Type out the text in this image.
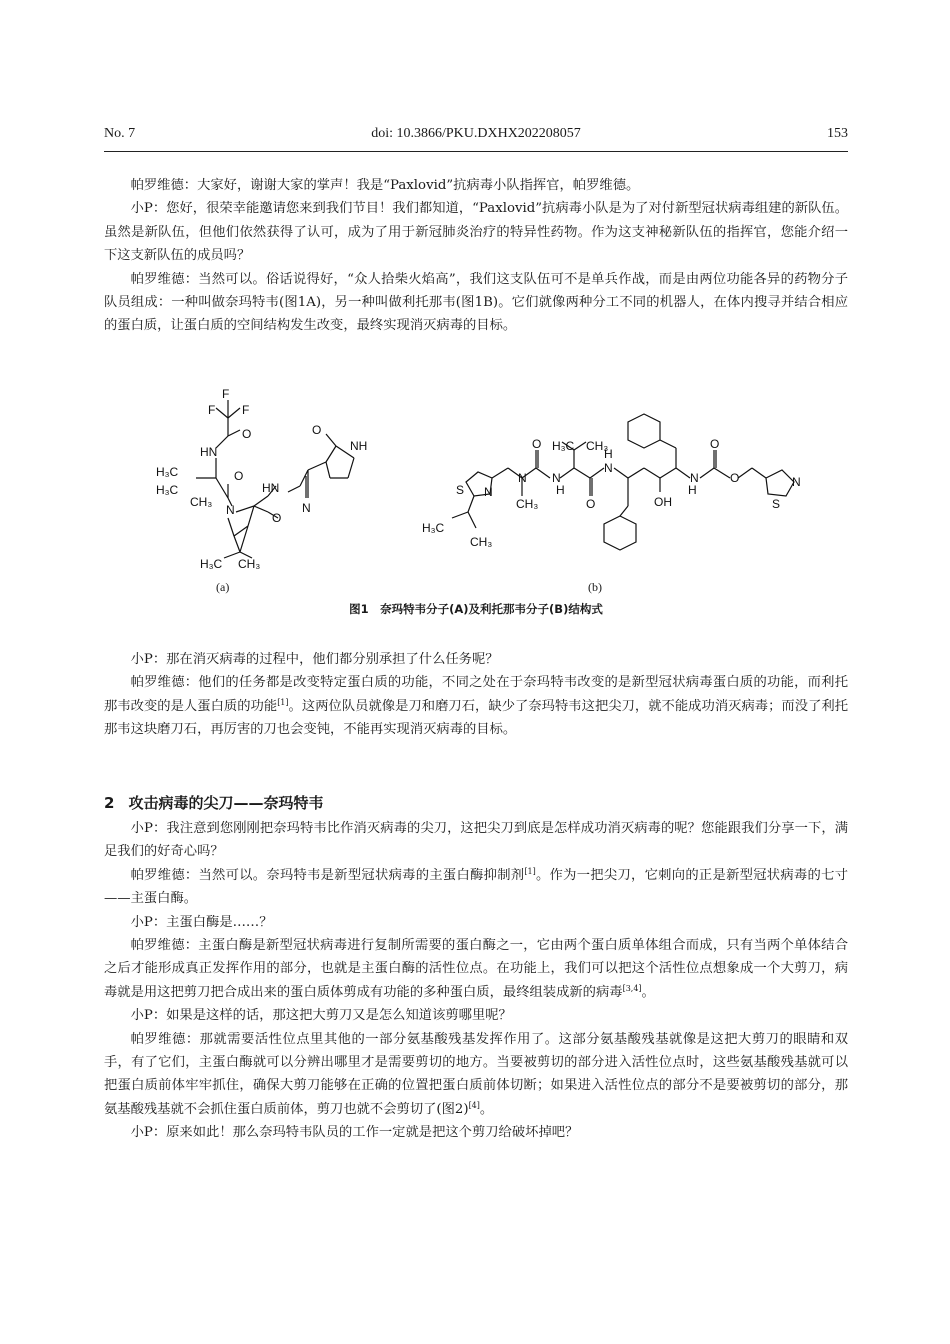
No. 7	doi: 10.3866/PKU.DXHX202208057	153

帕罗维德：大家好，谢谢大家的掌声！我是“Paxlovid”抗病毒小队指挥官，帕罗维德。

小P：您好，很荣幸能邀请您来到我们节目！我们都知道，“Paxlovid”抗病毒小队是为了对付新型冠状病毒组建的新队伍。虽然是新队伍，但他们依然获得了认可，成为了用于新冠肺炎治疗的特异性药物。作为这支神秘新队伍的指挥官，您能介绍一下这支新队伍的成员吗？

帕罗维德：当然可以。俗话说得好，“众人拾柴火焰高”，我们这支队伍可不是单兵作战，而是由两位功能各异的药物分子队员组成：一种叫做奈玛特韦(图1A)，另一种叫做利托那韦(图1B)。它们就像两种分工不同的机器人，在体内搜寻并结合相应的蛋白质，让蛋白质的空间结构发生改变，最终实现消灭病毒的目标。

F
F F
HN
O
H₃C
H₃C
CH₃
N
O
HN
O
N
O
NH
H₃C CH₃
H₃C CH₃
S N
N N
H
O
CH₃
H₃C
CH₃
H
N
O	OH
H
N
O
O	N
S
(a)	(b)
图1　奈玛特韦分子(A)及利托那韦分子(B)结构式

小P：那在消灭病毒的过程中，他们都分别承担了什么任务呢？

帕罗维德：他们的任务都是改变特定蛋白质的功能，不同之处在于奈玛特韦改变的是新型冠状病毒蛋白质的功能，而利托那韦改变的是人蛋白质的功能[1]。这两位队员就像是刀和磨刀石，缺少了奈玛特韦这把尖刀，就不能成功消灭病毒；而没了利托那韦这块磨刀石，再厉害的刀也会变钝，不能再实现消灭病毒的目标。

2 攻击病毒的尖刀——奈玛特韦

小P：我注意到您刚刚把奈玛特韦比作消灭病毒的尖刀，这把尖刀到底是怎样成功消灭病毒的呢？您能跟我们分享一下，满足我们的好奇心吗？

帕罗维德：当然可以。奈玛特韦是新型冠状病毒的主蛋白酶抑制剂[1]。作为一把尖刀，它刺向的正是新型冠状病毒的七寸——主蛋白酶。

小P：主蛋白酶是……？

帕罗维德：主蛋白酶是新型冠状病毒进行复制所需要的蛋白酶之一，它由两个蛋白质单体组合而成，只有当两个单体结合之后才能形成真正发挥作用的部分，也就是主蛋白酶的活性位点。在功能上，我们可以把这个活性位点想象成一个大剪刀，病毒就是用这把剪刀把合成出来的蛋白质体剪成有功能的多种蛋白质，最终组装成新的病毒[3,4]。

小P：如果是这样的话，那这把大剪刀又是怎么知道该剪哪里呢？

帕罗维德：那就需要活性位点里其他的一部分氨基酸残基发挥作用了。这部分氨基酸残基就像是这把大剪刀的眼睛和双手，有了它们，主蛋白酶就可以分辨出哪里才是需要剪切的地方。当要被剪切的部分进入活性位点时，这些氨基酸残基就可以把蛋白质前体牢牢抓住，确保大剪刀能够在正确的位置把蛋白质前体切断；如果进入活性位点的部分不是要被剪切的部分，那氨基酸残基就不会抓住蛋白质前体，剪刀也就不会剪切了(图2)[4]。

小P：原来如此！那么奈玛特韦队员的工作一定就是把这个剪刀给破坏掉吧？
